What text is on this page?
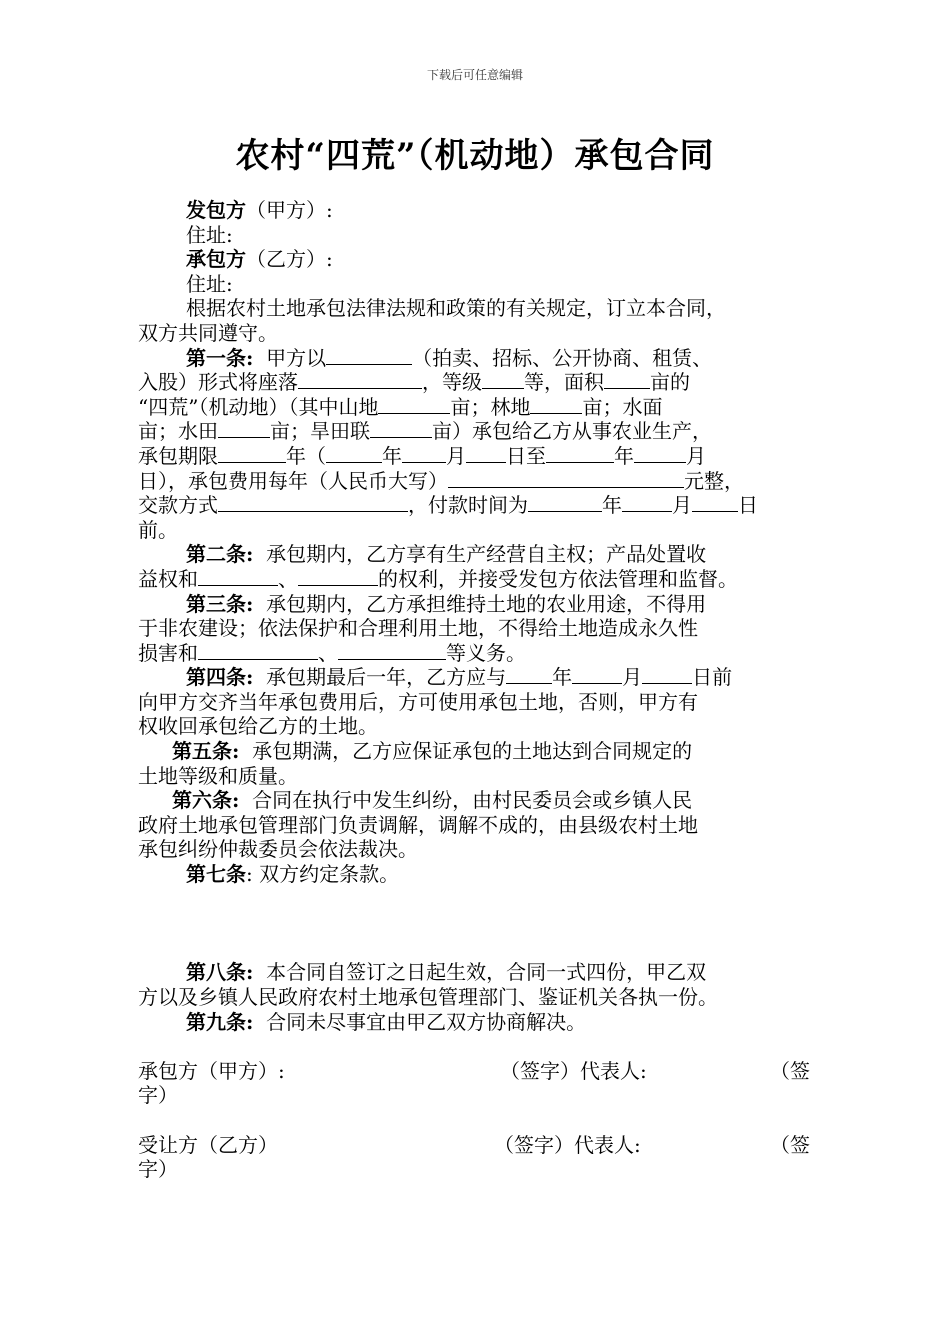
下载后可任意编辑
农村“四荒”（机动地）承包合同
发包方（甲方）:
住址:
承包方（乙方）:
住址:
根据农村土地承包法律法规和政策的有关规定，订立本合同，
双方共同遵守。
第一条: 甲方以	（拍卖、招标、公开协商、租赁、
入股）形式将座落	，等级 等，面积 亩的
“四荒”（机动地）（其中山地	亩；林地	亩；水面
亩；水田	亩；旱田联	亩）承包给乙方从事农业生产，
承包期限	年（	年 月 日至	年	月
日），承包费用每年（人民币大写）	元整，
交款方式	，付款时间为	年	月 日
前。
第二条: 承包期内，乙方享有生产经营自主权；产品处置收
益权和	、	的权利，并接受发包方依法管理和监督。
第三条: 承包期内，乙方承担维持土地的农业用途，不得用
于非农建设；依法保护和合理利用土地，不得给土地造成永久性
损害和	、	等义务。
第四条: 承包期最后一年，乙方应与 年	月	日前
向甲方交齐当年承包费用后，方可使用承包土地，否则，甲方有
权收回承包给乙方的土地。
第五条: 承包期满，乙方应保证承包的土地达到合同规定的
土地等级和质量。
第六条: 合同在执行中发生纠纷，由村民委员会或乡镇人民
政府土地承包管理部门负责调解，调解不成的，由县级农村土地
承包纠纷仲裁委员会依法裁决。
第七条: 双方约定条款。
第八条: 本合同自签订之日起生效，合同一式四份，甲乙双
方以及乡镇人民政府农村土地承包管理部门、鉴证机关各执一份。
第九条: 合同未尽事宜由甲乙双方协商解决。
承包方（甲方）:	（签字）代表人:	（签
字）
受让方（乙方）	（签字）代表人:	（签
字）
